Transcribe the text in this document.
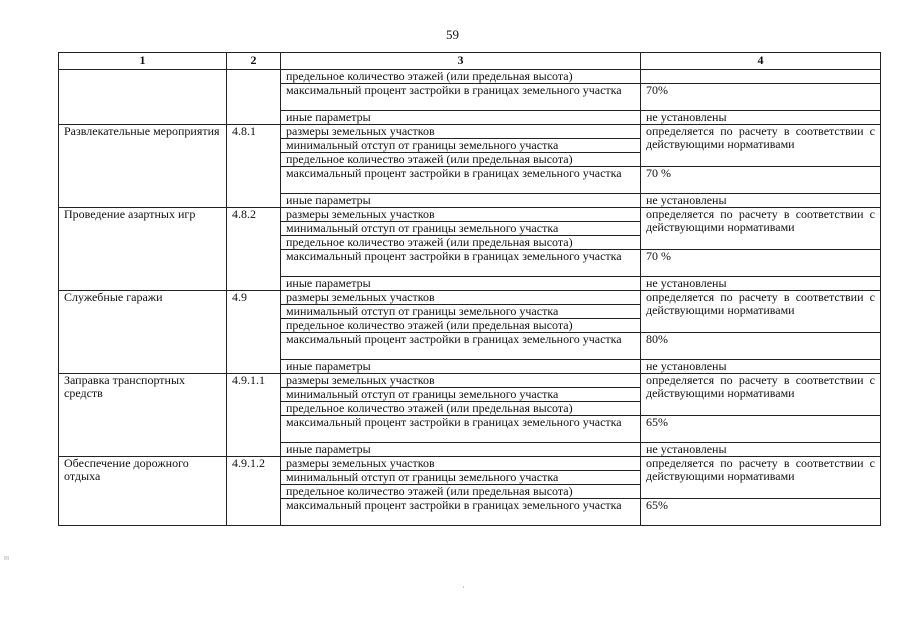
59
1	2	3	4
		предельное количество этажей (или предельная высота)	
		максимальный процент застройки в границах земельного участка	70%
		иные параметры	не установлены
Развлекательные мероприятия	4.8.1	размеры земельных участков	определяется по расчету в соответствии с действующими нормативами
		минимальный отступ от границы земельного участка	
		предельное количество этажей (или предельная высота)	
		максимальный процент застройки в границах земельного участка	70 %
		иные параметры	не установлены
Проведение азартных игр	4.8.2	размеры земельных участков	определяется по расчету в соответствии с действующими нормативами
		минимальный отступ от границы земельного участка	
		предельное количество этажей (или предельная высота)	
		максимальный процент застройки в границах земельного участка	70 %
		иные параметры	не установлены
Служебные гаражи	4.9	размеры земельных участков	определяется по расчету в соответствии с действующими нормативами
		минимальный отступ от границы земельного участка	
		предельное количество этажей (или предельная высота)	
		максимальный процент застройки в границах земельного участка	80%
		иные параметры	не установлены
Заправка транспортных средств	4.9.1.1	размеры земельных участков	определяется по расчету в соответствии с действующими нормативами
		минимальный отступ от границы земельного участка	
		предельное количество этажей (или предельная высота)	
		максимальный процент застройки в границах земельного участка	65%
		иные параметры	не установлены
Обеспечение дорожного отдыха	4.9.1.2	размеры земельных участков	определяется по расчету в соответствии с действующими нормативами
		минимальный отступ от границы земельного участка	
		предельное количество этажей (или предельная высота)	
		максимальный процент застройки в границах земельного участка	65%
·
⁞⁞
